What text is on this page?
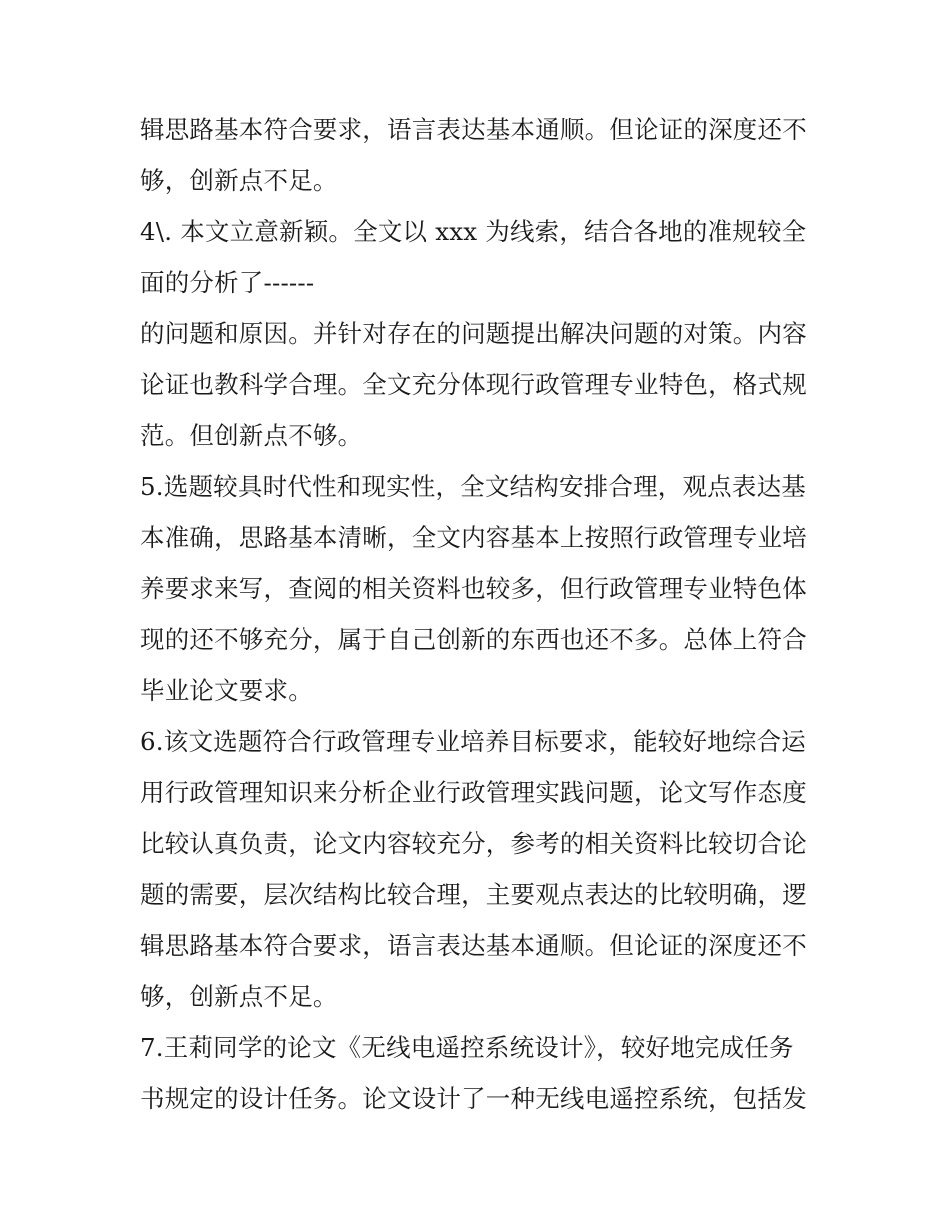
辑思路基本符合要求，语言表达基本通顺。但论证的深度还不
够，创新点不足。
4\. 本文立意新颖。全文以 xxx 为线索，结合各地的准规较全
面的分析了------
的问题和原因。并针对存在的问题提出解决问题的对策。内容
论证也教科学合理。全文充分体现行政管理专业特色，格式规
范。但创新点不够。
5.选题较具时代性和现实性，全文结构安排合理，观点表达基
本准确，思路基本清晰，全文内容基本上按照行政管理专业培
养要求来写，查阅的相关资料也较多，但行政管理专业特色体
现的还不够充分，属于自己创新的东西也还不多。总体上符合
毕业论文要求。
6.该文选题符合行政管理专业培养目标要求，能较好地综合运
用行政管理知识来分析企业行政管理实践问题，论文写作态度
比较认真负责，论文内容较充分，参考的相关资料比较切合论
题的需要，层次结构比较合理，主要观点表达的比较明确，逻
辑思路基本符合要求，语言表达基本通顺。但论证的深度还不
够，创新点不足。
7.王莉同学的论文《无线电遥控系统设计》，较好地完成任务
书规定的设计任务。论文设计了一种无线电遥控系统，包括发
